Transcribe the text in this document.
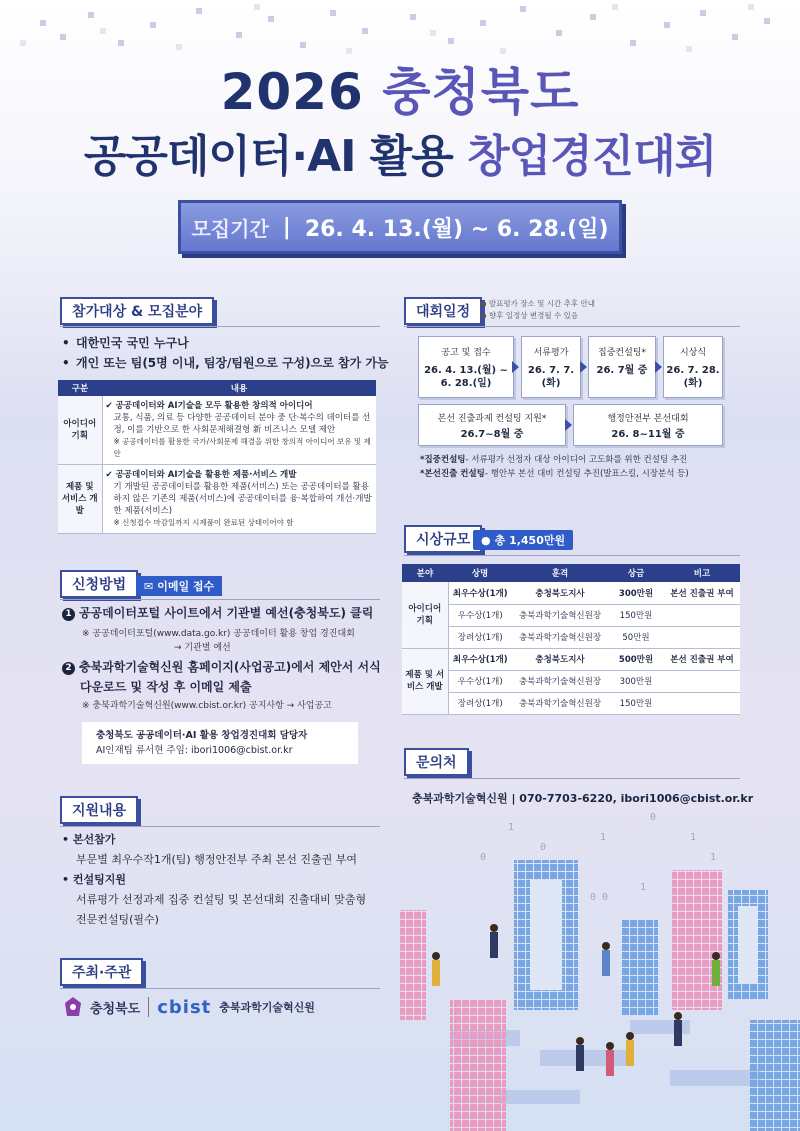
2026 충청북도
공공데이터·AI 활용 창업경진대회
모집기간 | 26. 4. 13.(월) ~ 6. 28.(일)
참가대상 & 모집분야
• 대한민국 국민 누구나
• 개인 또는 팀(5명 이내, 팀장/팀원으로 구성)으로 참가 가능
구분	내용
아이디어 기획	✔ 공공데이터와 AI기술을 모두 활용한 창의적 아이디어
교통, 식품, 의료 등 다양한 공공데이터 분야 중 단·복수의 데이터를 선정, 이를 기반으로 한 사회문제해결형 新 비즈니스 모델 제안
※ 공공데이터를 활용한 국가/사회문제 해결을 위한 창의적 아이디어 보유 및 제안

제품 및 서비스 개발	✔ 공공데이터와 AI기술을 활용한 제품·서비스 개발
기 개발된 공공데이터를 활용한 제품(서비스) 또는 공공데이터를 활용하지 않은 기존의 제품(서비스)에 공공데이터를 융·복합하여 개선·개발한 제품(서비스)
※ 신청접수 마감일까지 시제품이 완료된 상태이어야 함
대회일정
● 발표평가 장소 및 시간 추후 안내
● 향후 일정상 변경될 수 있음
공고 및 접수
26. 4. 13.(월) ~ 6. 28.(일)
서류평가
26. 7. 7.(화)
집중컨설팅*
26. 7월 중
시상식
26. 7. 28.(화)
본선 진출과제 컨설팅 지원*
26.7~8월 중
행정안전부 본선대회
26. 8~11월 중
*집중컨설팅- 서류평가 선정자 대상 아이디어 고도화를 위한 컨설팅 추진
*본선진출 컨설팅- 행안부 본선 대비 컨설팅 추진(발표스킬, 시장분석 등)
시상규모 ● 총 1,450만원
분야	상명	훈격	상금	비고
아이디어 기획	최우수상(1개)	충청북도지사	300만원	본선 진출권 부여
	우수상(1개)	충북과학기술혁신원장	150만원	
	장려상(1개)	충북과학기술혁신원장	50만원	
제품 및 서비스 개발	최우수상(1개)	충청북도지사	500만원	본선 진출권 부여
	우수상(1개)	충북과학기술혁신원장	300만원	
	장려상(1개)	충북과학기술혁신원장	150만원	
신청방법	✉ 이메일 접수
1 공공데이터포털 사이트에서 기관별 예선(충청북도) 클릭
※ 공공데이터포털(www.data.go.kr) 공공데이터 활용 창업 경진대회
→ 기관별 예선
2 충북과학기술혁신원 홈페이지(사업공고)에서 제안서 서식
다운로드 및 작성 후 이메일 제출
※ 충북과학기술혁신원(www.cbist.or.kr) 공지사항 → 사업공고
충청북도 공공데이터·AI 활용 창업경진대회 담당자
AI인재팀 류서현 주임: ibori1006@cbist.or.kr
지원내용
• 본선참가
부문별 최우수작1개(팀) 행정안전부 주최 본선 진출권 부여
• 컨설팅지원
서류평가 선정과제 집중 컨설팅 및 본선대회 진출대비 맞춤형
전문컨설팅(필수)
문의처
충북과학기술혁신원 | 070-7703-6220, ibori1006@cbist.or.kr
주최·주관
충청북도 cbist 충북과학기술혁신원
1
0
1
0
1
1
0 0
1
0
